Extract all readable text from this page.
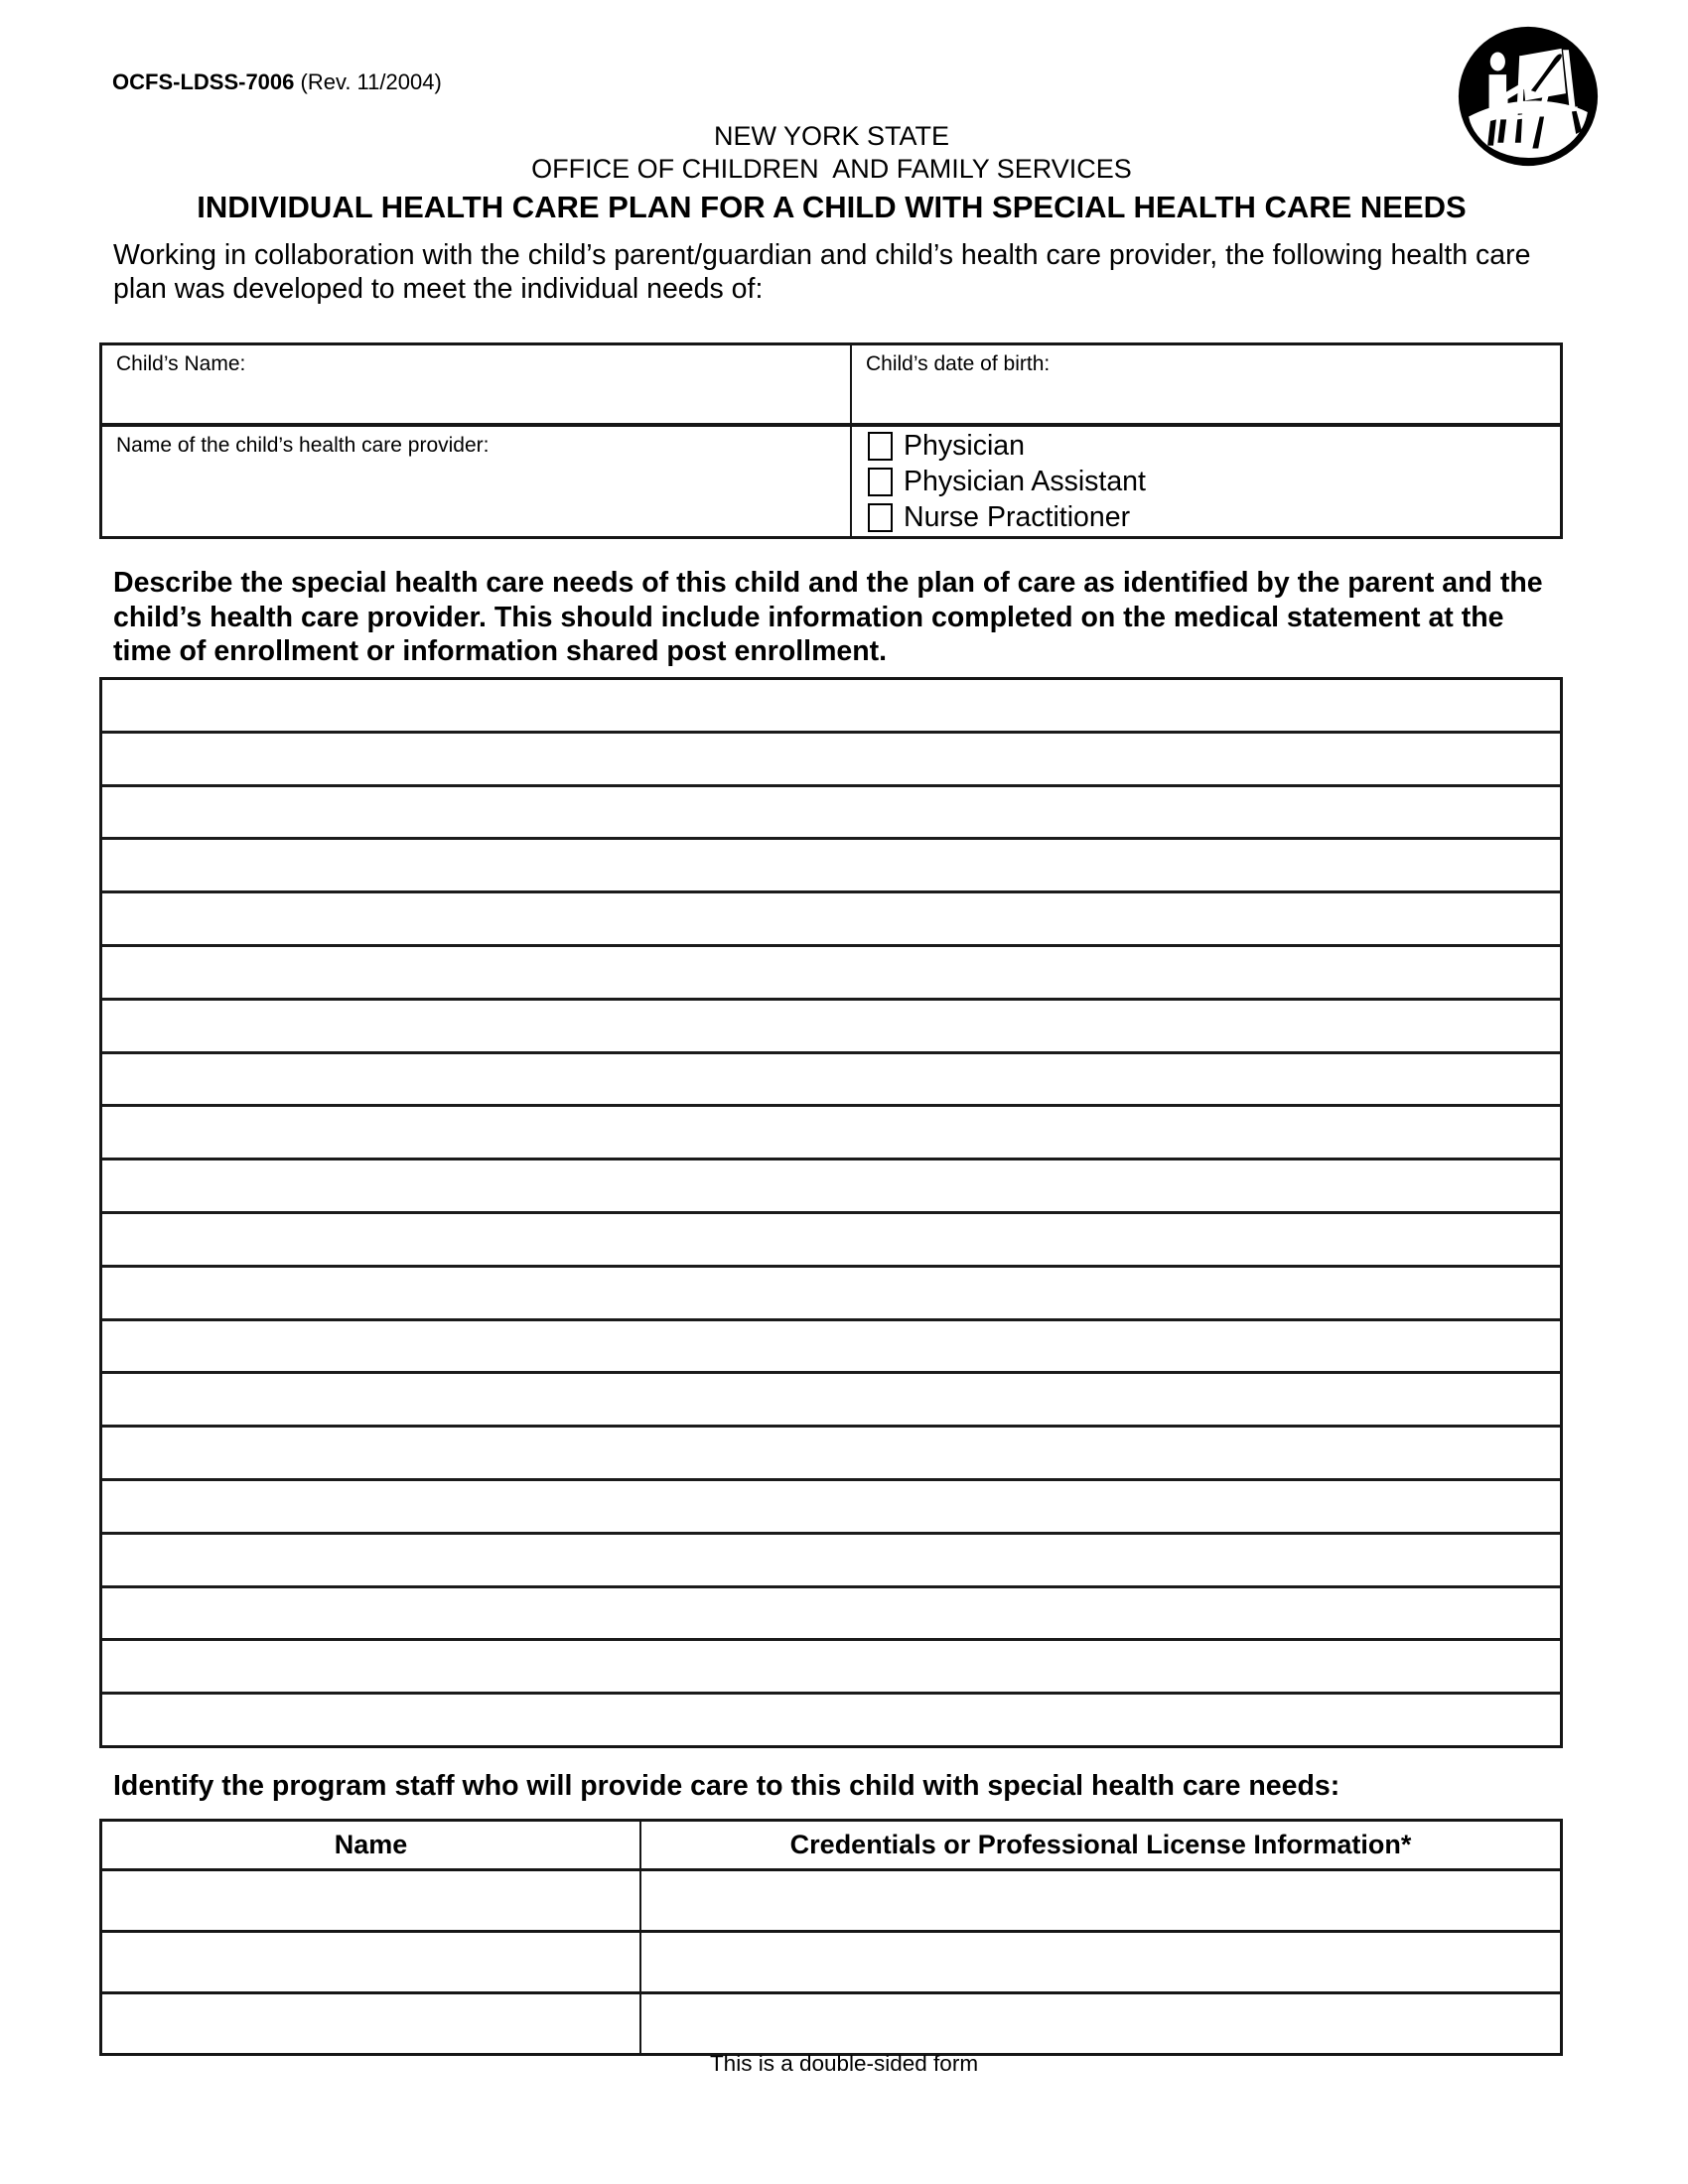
OCFS-LDSS-7006 (Rev. 11/2004)
NEW YORK STATE
OFFICE OF CHILDREN  AND FAMILY SERVICES
INDIVIDUAL HEALTH CARE PLAN FOR A CHILD WITH SPECIAL HEALTH CARE NEEDS

Working in collaboration with the child’s parent/guardian and child’s health care provider, the following health care plan was developed to meet the individual needs of:

Child’s Name:	Child’s date of birth:
Name of the child’s health care provider:	Physician
Physician Assistant
Nurse Practitioner

Describe the special health care needs of this child and the plan of care as identified by the parent and the child’s health care provider. This should include information completed on the medical statement at the time of enrollment or information shared post enrollment.

Identify the program staff who will provide care to this child with special health care needs:

Name	Credentials or Professional License Information*
This is a double-sided form
